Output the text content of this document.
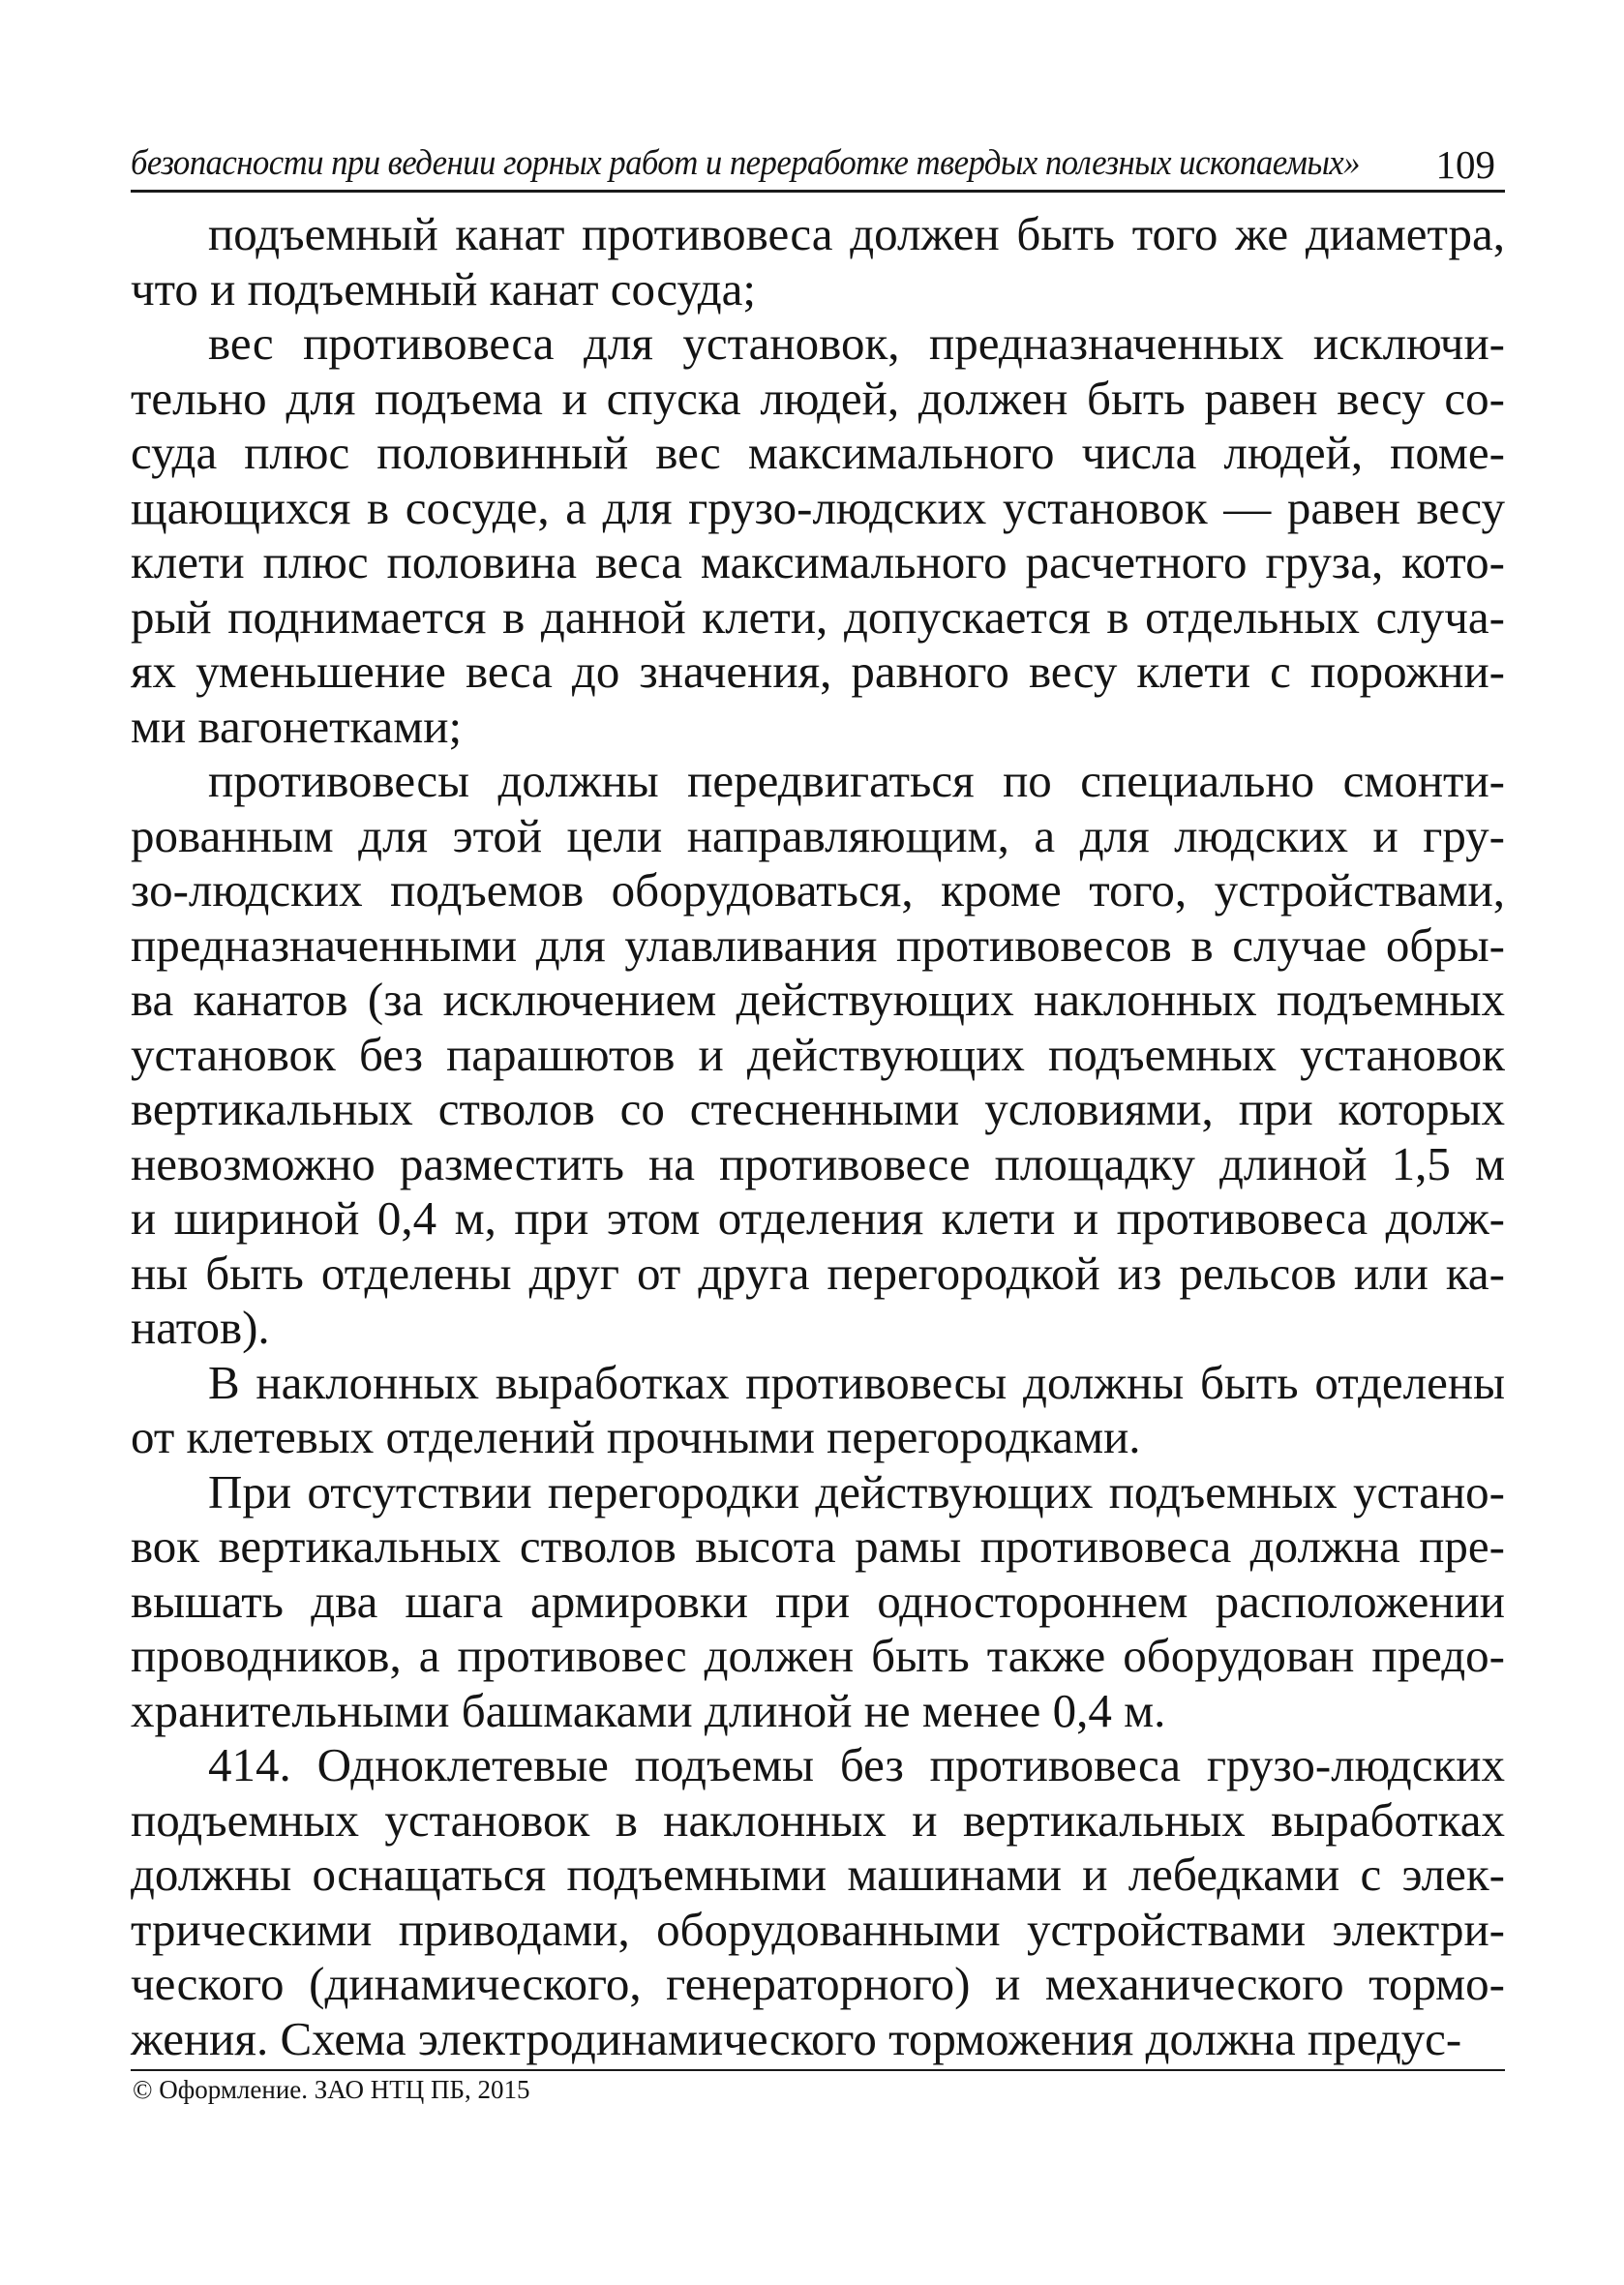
безопасности при ведении горных работ и переработке твердых полезных ископаемых» 109

подъемный канат противовеса должен быть того же диаметра,
что и подъемный канат сосуда;

вес противовеса для установок, предназначенных исключи-
тельно для подъема и спуска людей, должен быть равен весу со-
суда плюс половинный вес максимального числа людей, поме-
щающихся в сосуде, а для грузо-людских установок — равен весу
клети плюс половина веса максимального расчетного груза, кото-
рый поднимается в данной клети, допускается в отдельных случа-
ях уменьшение веса до значения, равного весу клети с порожни-
ми вагонетками;

противовесы должны передвигаться по специально смонти-
рованным для этой цели направляющим, а для людских и гру-
зо-людских подъемов оборудоваться, кроме того, устройствами,
предназначенными для улавливания противовесов в случае обры-
ва канатов (за исключением действующих наклонных подъемных
установок без парашютов и действующих подъемных установок
вертикальных стволов со стесненными условиями, при которых
невозможно разместить на противовесе площадку длиной 1,5 м
и шириной 0,4 м, при этом отделения клети и противовеса долж-
ны быть отделены друг от друга перегородкой из рельсов или ка-
натов).

В наклонных выработках противовесы должны быть отделены
от клетевых отделений прочными перегородками.

При отсутствии перегородки действующих подъемных устано-
вок вертикальных стволов высота рамы противовеса должна пре-
вышать два шага армировки при одностороннем расположении
проводников, а противовес должен быть также оборудован предо-
хранительными башмаками длиной не менее 0,4 м.

414. Одноклетевые подъемы без противовеса грузо-людских
подъемных установок в наклонных и вертикальных выработках
должны оснащаться подъемными машинами и лебедками с элек-
трическими приводами, оборудованными устройствами электри-
ческого (динамического, генераторного) и механического тормо-
жения. Схема электродинамического торможения должна предус-

© Оформление. ЗАО НТЦ ПБ, 2015
